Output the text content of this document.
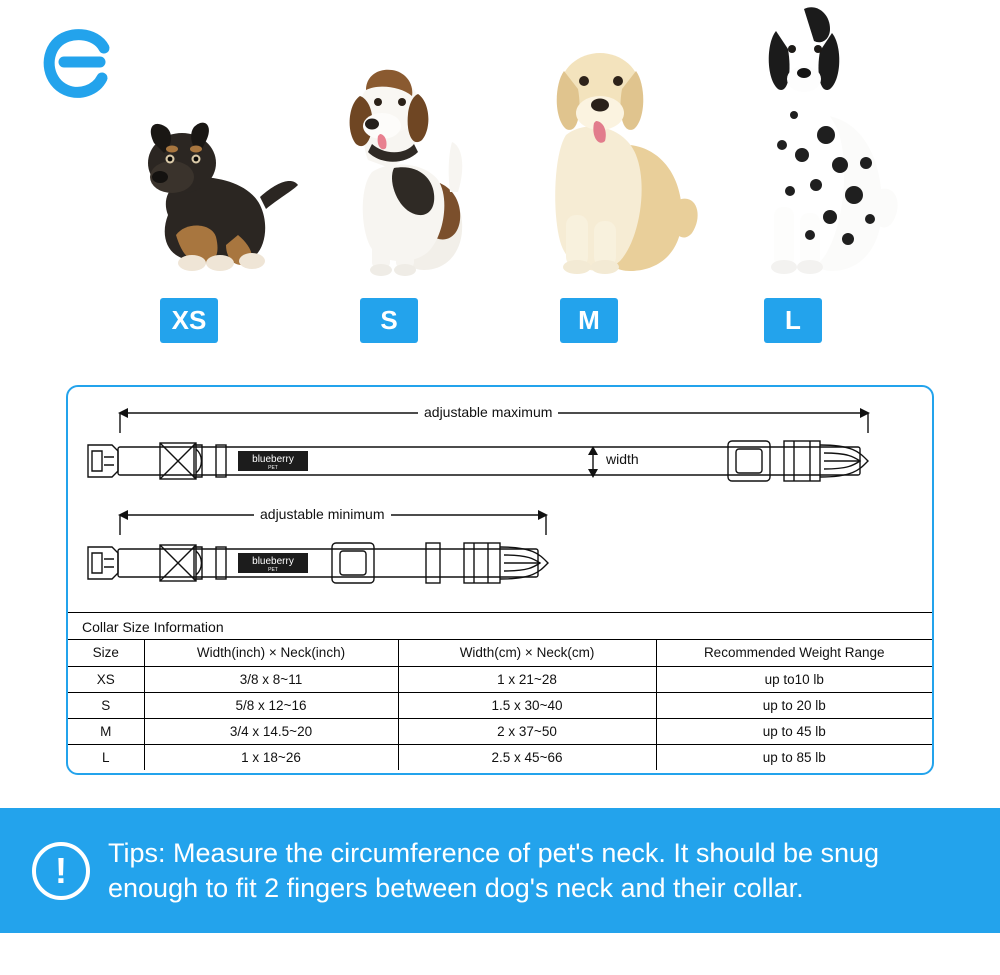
XS	S	M	L
blueberry
PET
blueberry
PET
adjustable maximum
adjustable minimum
width
Collar Size Information
Size	Width(inch) × Neck(inch)	Width(cm) × Neck(cm)	Recommended Weight Range
XS	3/8 x 8~11	1 x 21~28	up to10 lb
S	5/8 x 12~16	1.5 x 30~40	up to 20 lb
M	3/4 x 14.5~20	2 x 37~50	up to 45 lb
L	1 x 18~26	2.5 x 45~66	up to 85 lb
!	Tips: Measure the circumference of pet's neck. It should be snug
enough to fit 2 fingers between dog's neck and their collar.
